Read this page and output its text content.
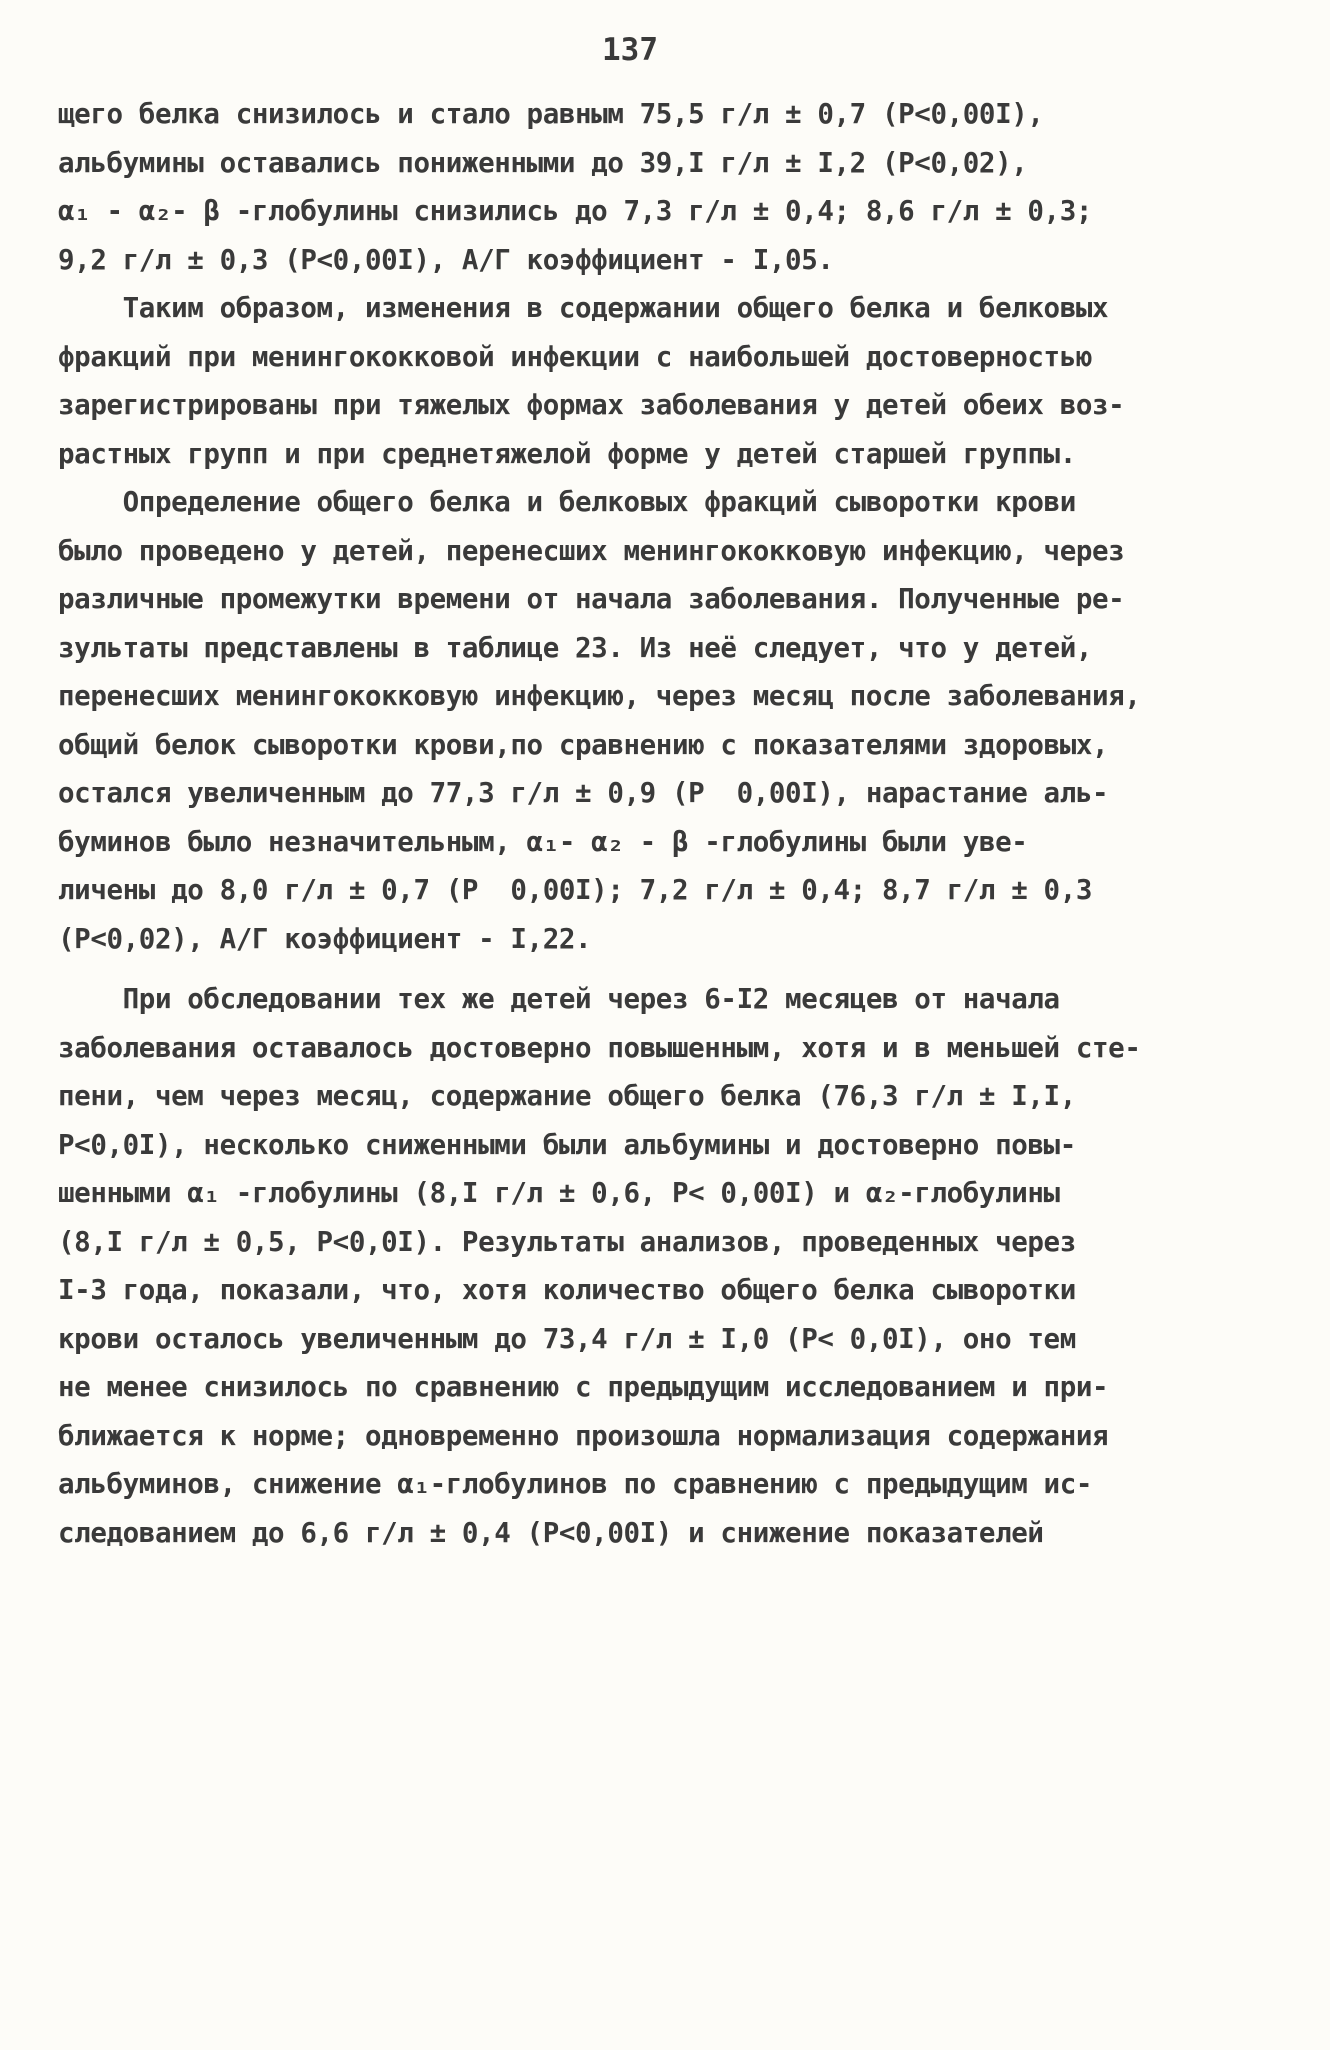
137
щего белка снизилось и стало равным 75,5 г/л ± 0,7 (P<0,00I),
альбумины оставались пониженными до 39,I г/л ± I,2 (P<0,02),
α₁ - α₂- β -глобулины снизились до 7,3 г/л ± 0,4; 8,6 г/л ± 0,3;
9,2 г/л ± 0,3 (P<0,00I), А/Г коэффициент - I,05.
Таким образом, изменения в содержании общего белка и белковых
фракций при менингококковой инфекции с наибольшей достоверностью
зарегистрированы при тяжелых формах заболевания у детей обеих воз-
растных групп и при среднетяжелой форме у детей старшей группы.
Определение общего белка и белковых фракций сыворотки крови
было проведено у детей, перенесших менингококковую инфекцию, через
различные промежутки времени от начала заболевания. Полученные ре-
зультаты представлены в таблице 23. Из неё следует, что у детей,
перенесших менингококковую инфекцию, через месяц после заболевания,
общий белок сыворотки крови,по сравнению с показателями здоровых,
остался увеличенным до 77,3 г/л ± 0,9 (P  0,00I), нарастание аль-
буминов было незначительным, α₁- α₂ - β -глобулины были уве-
личены до 8,0 г/л ± 0,7 (P  0,00I); 7,2 г/л ± 0,4; 8,7 г/л ± 0,3
(P<0,02), А/Г коэффициент - I,22.
При обследовании тех же детей через 6-I2 месяцев от начала
заболевания оставалось достоверно повышенным, хотя и в меньшей сте-
пени, чем через месяц, содержание общего белка (76,3 г/л ± I,I,
P<0,0I), несколько сниженными были альбумины и достоверно повы-
шенными α₁ -глобулины (8,I г/л ± 0,6, P< 0,00I) и α₂-глобулины
(8,I г/л ± 0,5, P<0,0I). Результаты анализов, проведенных через
I-3 года, показали, что, хотя количество общего белка сыворотки
крови осталось увеличенным до 73,4 г/л ± I,0 (P< 0,0I), оно тем
не менее снизилось по сравнению с предыдущим исследованием и при-
ближается к норме; одновременно произошла нормализация содержания
альбуминов, снижение α₁-глобулинов по сравнению с предыдущим ис-
следованием до 6,6 г/л ± 0,4 (P<0,00I) и снижение показателей
